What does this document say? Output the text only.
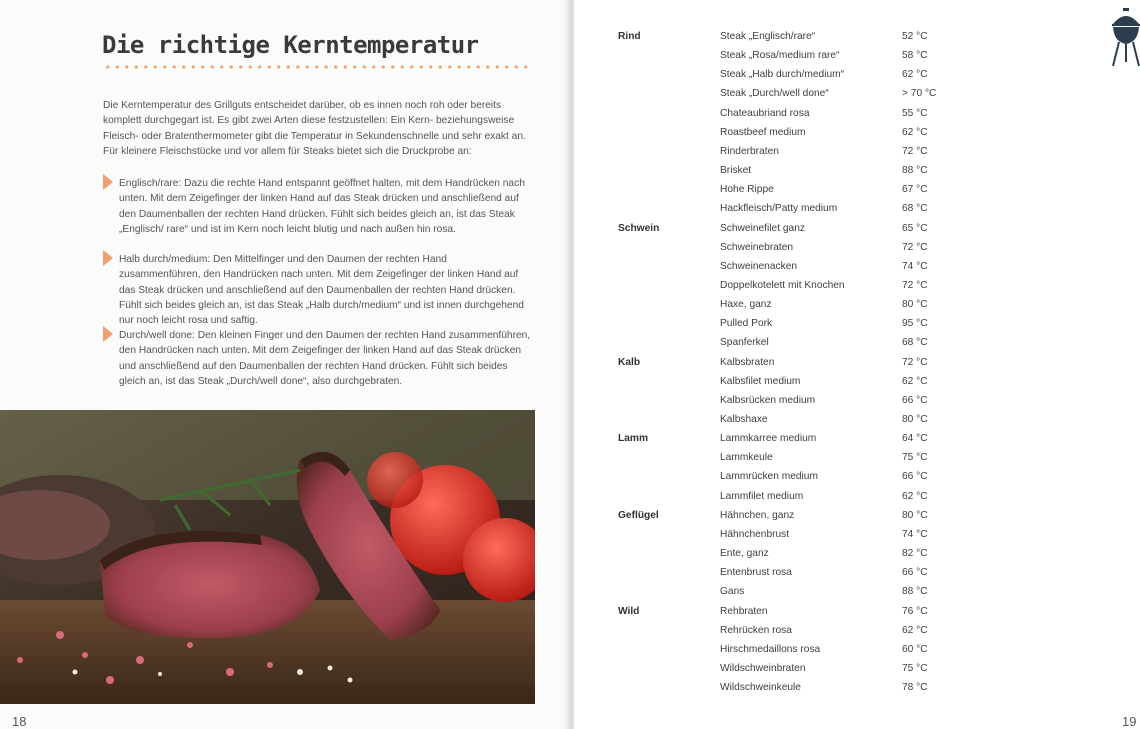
Die richtige Kerntemperatur

Die Kerntemperatur des Grillguts entscheidet darüber, ob es innen noch roh oder bereits komplett durchgegart ist. Es gibt zwei Arten diese festzustellen: Ein Kern- beziehungsweise Fleisch- oder Bratenthermometer gibt die Temperatur in Sekundenschnelle und sehr exakt an. Für kleinere Fleischstücke und vor allem für Steaks bietet sich die Druckprobe an:

Englisch/rare: Dazu die rechte Hand entspannt geöffnet halten, mit dem Handrücken nach unten. Mit dem Zeigefinger der linken Hand auf das Steak drücken und anschließend auf den Daumenballen der rechten Hand drücken. Fühlt sich beides gleich an, ist das Steak „Englisch/ rare“ und ist im Kern noch leicht blutig und nach außen hin rosa.

Halb durch/medium: Den Mittelfinger und den Daumen der rechten Hand zusammenführen, den Handrücken nach unten. Mit dem Zeigefinger der linken Hand auf das Steak drücken und anschließend auf den Daumenballen der rechten Hand drücken. Fühlt sich beides gleich an, ist das Steak „Halb durch/medium“ und ist innen durchgehend nur noch leicht rosa und saftig.

Durch/well done: Den kleinen Finger und den Daumen der rechten Hand zusammenführen, den Handrücken nach unten. Mit dem Zeigefinger der linken Hand auf das Steak drücken und anschließend auf den Daumenballen der rechten Hand drücken. Fühlt sich beides gleich an, ist das Steak „Durch/well done“, also durchgebraten.

18
Rind	Steak „Englisch/rare“	52 °C
Steak „Rosa/medium rare“	58 °C
Steak „Halb durch/medium“	62 °C
Steak „Durch/well done“	> 70 °C
Chateaubriand rosa	55 °C
Roastbeef medium	62 °C
Rinderbraten	72 °C
Brisket	88 °C
Hohe Rippe	67 °C
Hackfleisch/Patty medium	68 °C
Schwein	Schweinefilet ganz	65 °C
Schweinebraten	72 °C
Schweinenacken	74 °C
Doppelkotelett mit Knochen	72 °C
Haxe, ganz	80 °C
Pulled Pork	95 °C
Spanferkel	68 °C
Kalb	Kalbsbraten	72 °C
Kalbsfilet medium	62 °C
Kalbsrücken medium	66 °C
Kalbshaxe	80 °C
Lamm	Lammkarree medium	64 °C
Lammkeule	75 °C
Lammrücken medium	66 °C
Lammfilet medium	62 °C
Geflügel	Hähnchen, ganz	80 °C
Hähnchenbrust	74 °C
Ente, ganz	82 °C
Entenbrust rosa	66 °C
Gans	88 °C
Wild	Rehbraten	76 °C
Rehrücken rosa	62 °C
Hirschmedaillons rosa	60 °C
Wildschweinbraten	75 °C
Wildschweinkeule	78 °C
19
